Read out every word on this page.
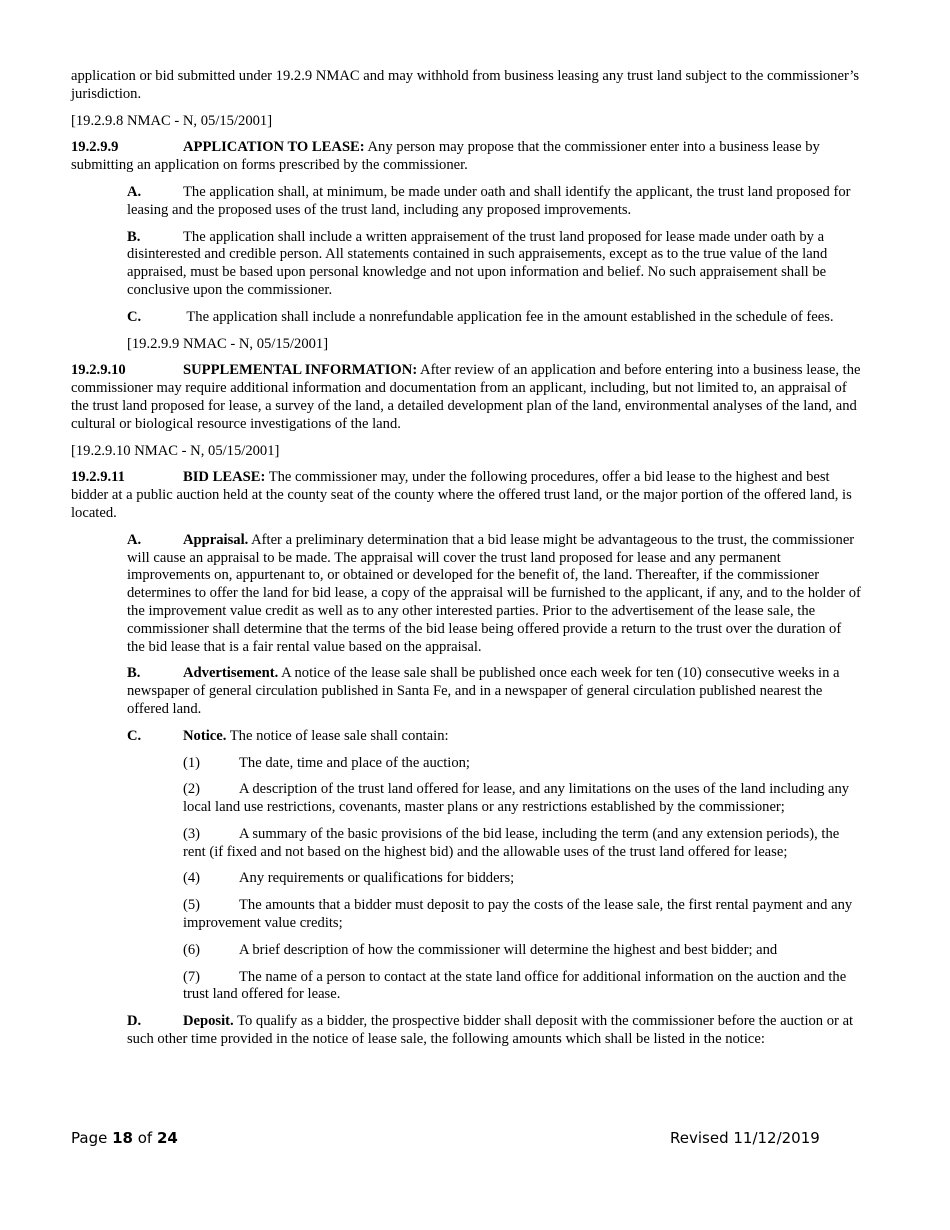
application or bid submitted under 19.2.9 NMAC and may withhold from business leasing any trust land subject to the commissioner’s jurisdiction.

[19.2.9.8 NMAC - N, 05/15/2001]

19.2.9.9	APPLICATION TO LEASE: Any person may propose that the commissioner enter into a business lease by submitting an application on forms prescribed by the commissioner.

A.	The application shall, at minimum, be made under oath and shall identify the applicant, the trust land proposed for leasing and the proposed uses of the trust land, including any proposed improvements.

B.	The application shall include a written appraisement of the trust land proposed for lease made under oath by a disinterested and credible person. All statements contained in such appraisements, except as to the true value of the land appraised, must be based upon personal knowledge and not upon information and belief. No such appraisement shall be conclusive upon the commissioner.

C.	The application shall include a nonrefundable application fee in the amount established in the schedule of fees.

[19.2.9.9 NMAC - N, 05/15/2001]

19.2.9.10	SUPPLEMENTAL INFORMATION: After review of an application and before entering into a business lease, the commissioner may require additional information and documentation from an applicant, including, but not limited to, an appraisal of the trust land proposed for lease, a survey of the land, a detailed development plan of the land, environmental analyses of the land, and cultural or biological resource investigations of the land.

[19.2.9.10 NMAC - N, 05/15/2001]

19.2.9.11	BID LEASE: The commissioner may, under the following procedures, offer a bid lease to the highest and best bidder at a public auction held at the county seat of the county where the offered trust land, or the major portion of the offered land, is located.

A.	Appraisal. After a preliminary determination that a bid lease might be advantageous to the trust, the commissioner will cause an appraisal to be made. The appraisal will cover the trust land proposed for lease and any permanent improvements on, appurtenant to, or obtained or developed for the benefit of, the land. Thereafter, if the commissioner determines to offer the land for bid lease, a copy of the appraisal will be furnished to the applicant, if any, and to the holder of the improvement value credit as well as to any other interested parties. Prior to the advertisement of the lease sale, the commissioner shall determine that the terms of the bid lease being offered provide a return to the trust over the duration of the bid lease that is a fair rental value based on the appraisal.

B.	Advertisement. A notice of the lease sale shall be published once each week for ten (10) consecutive weeks in a newspaper of general circulation published in Santa Fe, and in a newspaper of general circulation published nearest the offered land.

C.	Notice. The notice of lease sale shall contain:

(1)	The date, time and place of the auction;

(2)	A description of the trust land offered for lease, and any limitations on the uses of the land including any local land use restrictions, covenants, master plans or any restrictions established by the commissioner;

(3)	A summary of the basic provisions of the bid lease, including the term (and any extension periods), the rent (if fixed and not based on the highest bid) and the allowable uses of the trust land offered for lease;

(4)	Any requirements or qualifications for bidders;

(5)	The amounts that a bidder must deposit to pay the costs of the lease sale, the first rental payment and any improvement value credits;

(6)	A brief description of how the commissioner will determine the highest and best bidder; and

(7)	The name of a person to contact at the state land office for additional information on the auction and the trust land offered for lease.

D.	Deposit. To qualify as a bidder, the prospective bidder shall deposit with the commissioner before the auction or at such other time provided in the notice of lease sale, the following amounts which shall be listed in the notice:

Page 18 of 24	Revised 11/12/2019
